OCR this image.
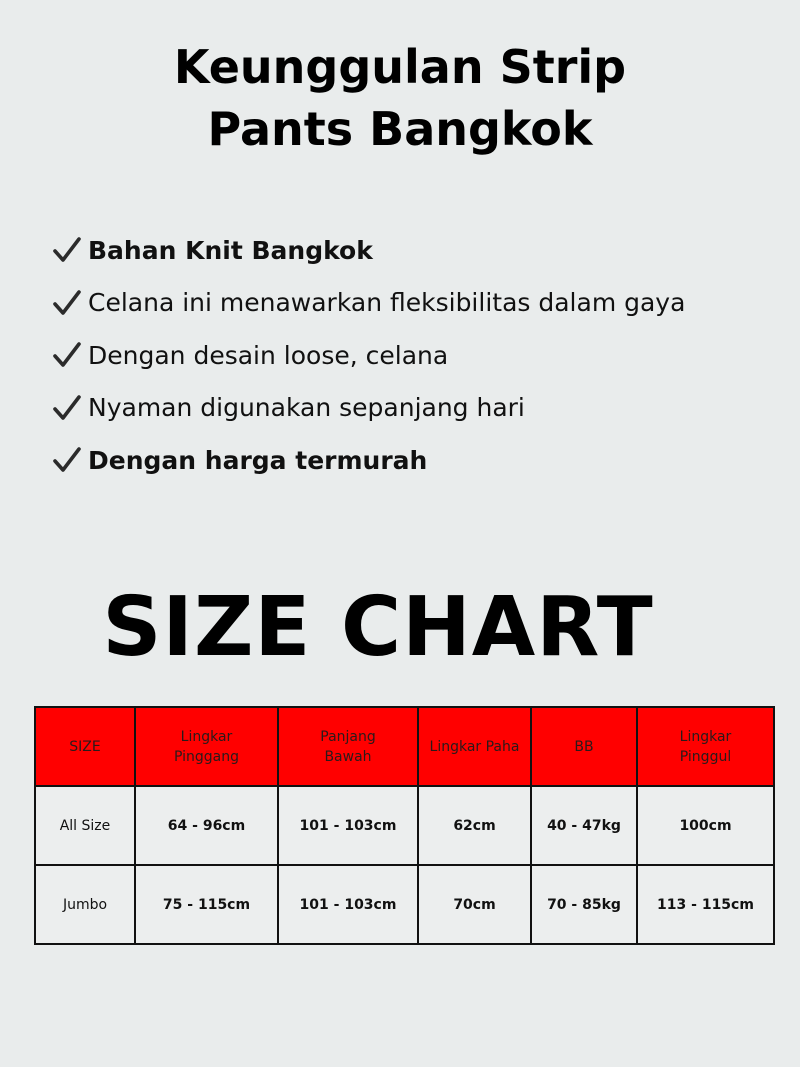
Keunggulan Strip
Pants Bangkok
Bahan Knit Bangkok
Celana ini menawarkan fleksibilitas dalam gaya
Dengan desain loose, celana
Nyaman digunakan sepanjang hari
Dengan harga termurah
SIZE CHART
SIZE	Lingkar Pinggang	Panjang Bawah	Lingkar Paha	BB	Lingkar Pinggul
All Size	64 - 96cm	101 - 103cm	62cm	40 - 47kg	100cm
Jumbo	75 - 115cm	101 - 103cm	70cm	70 - 85kg	113 - 115cm
